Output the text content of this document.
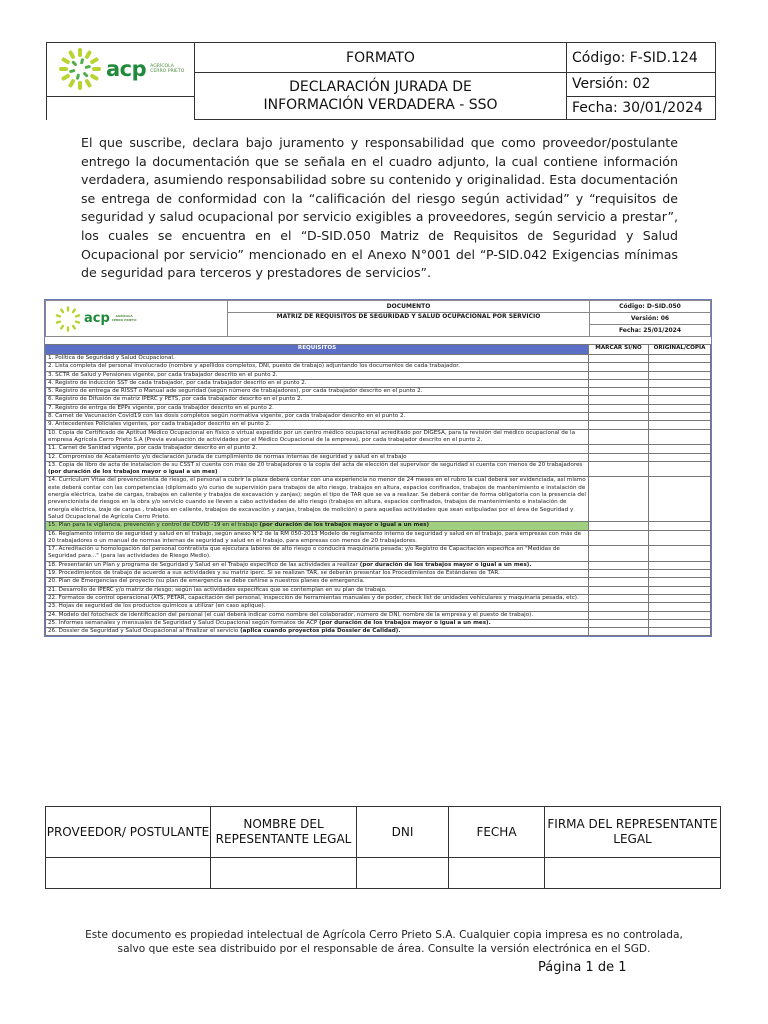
acp AGRÍCOLA
CERRO PRIETO	FORMATO	Código: F-SID.124
	DECLARACIÓN JURADA DE INFORMACIÓN VERDADERA - SSO	Versión: 02
		Fecha: 30/01/2024

El que suscribe, declara bajo juramento y responsabilidad que como proveedor/postulante entrego la documentación que se señala en el cuadro adjunto, la cual contiene información verdadera, asumiendo responsabilidad sobre su contenido y originalidad. Esta documentación se entrega de conformidad con la “calificación del riesgo según actividad” y “requisitos de seguridad y salud ocupacional por servicio exigibles a proveedores, según servicio a prestar”, los cuales se encuentra en el “D-SID.050 Matriz de Requisitos de Seguridad y Salud Ocupacional por servicio” mencionado en el Anexo N°001 del “P-SID.042 Exigencias mínimas de seguridad para terceros y prestadores de servicios”.

acp AGRÍCOLA
CERRO PRIETO	DOCUMENTO	Código: D-SID.050
	MATRIZ DE REQUISITOS DE SEGURIDAD Y SALUD OCUPACIONAL POR SERVICIO	Versión: 06
		Fecha: 25/01/2024
REQUISITOS	MARCAR SI/NO	ORIGINAL/COPIA
1. Política de Seguridad y Salud Ocupacional.		
2. Lista completa del personal involucrado (nombre y apellidos completos, DNI, puesto de trabajo) adjuntando los documentos de cada trabajador.		
3. SCTR de Salud y Pensiones vigente, por cada trabajador descrito en el punto 2.		
4. Registro de inducción SST de cada trabajador, por cada trabajador descrito en el punto 2.		
5. Registro de entrega de RISST o Manual ade seguridad (según número de trabajadores), por cada trabajador descrito en el punto 2.		
6. Registro de Difusión de matriz IPERC y PETS, por cada trabajador descrito en el punto 2.		
7. Registro de entrga de EPPs vigente, por cada trabajdor descrito en el punto 2.		
8. Carnet de Vacunación Covid19 con las dosis completos según normativa vigente, por cada trabajador descrito en el punto 2.		
9. Antecedentes Policiales vigentes, por cada trabajador descrito en el punto 2.		
10. Copia de Certificado de Aptitud Médico Ocupacional en físico o virtual expedido por un centro médico ocupacional acreditado por DIGESA, para la revisión del médico ocupacional de la empresa Agrícola Cerro Prieto S.A (Previa evaluación de actividades por el Médico Ocupacional de la empresa), por cada trabajador descrito en el punto 2.		
11. Carnet de Sanidad vigente, por cada trabajador descrito en el punto 2.		
12. Compromiso de Acatamiento y/o declaración jurada de cumplimiento de normas internas de seguridad y salud en el trabajo		
13. Copia de libro de acta de instalacion de su CSST si cuenta con más de 20 trabajadores o la copia del acta de elección del supervisor de seguridad si cuenta con menos de 20 trabajadores (por duración de los trabajos mayor o igual a un mes)		
14. Currículum Vitae del prevencionista de riesgo, el personal a cubrir la plaza deberá contar con una experiencia no menor de 24 meses en el rubro la cual deberá ser evidenciada, así mismo este deberá contar con las competencias (diplomado y/o curso de supervisión para trabajos de alto riesgo, trabajos en altura, espacios confinados, trabajos de mantenimiento e instalación de energía eléctrica, izahe de cargas, trabajos en caliente y trabajos de excavación y zanjas); según el tipo de TAR que se va a realizar. Se deberá contar de forma obligatoria con la presencia del prevencionista de riesgos en la obra y/o servicio cuando se lleven a cabo actividades de alto riesgo (trabajos en altura, espacios confinados, trabajos de mantenimiento e instalación de energía eléctrica, izaje de cargas , trabajos en caliente, trabajos de excavación y zanjas, trabajos de molición) o para aquellas actividades que sean estipuladas por el área de Seguridad y Salud Ocupacional de Agrícola Cerro Prieto.		
15. Plan para la vigilancia, prevención y control de COVID -19 en el trabajo (por duración de los trabajos mayor o igual a un mes)		
16. Reglamento interno de seguridad y salud en el trabajo, según anexo N°2 de la RM 050-2013 Modelo de reglamento interno de seguridad y salud en el trabajo, para empresas con más de 20 trabajadores o un manual de normas internas de seguridad y salud en el trabajo, para empresas con menos de 20 trabajadores.		
17. Acreditación u homologación del personal contratista que ejecutara labores de alto riesgo o conducirá maquinaria pesada; y/o Registro de Capacitación específica en "Medidas de Seguridad para..." (para las actividades de Riesgo Medio).		
18. Presentarán un Plan y programa de Seguridad y Salud en el Trabajo específico de las actividades a realizar (por duración de los trabajos mayor o igual a un mes).		
19. Procedimientos de trabajo de acuerdo a sus actividades y su matriz iperc. Si se realizan TAR, se deberán presentar los Procedimientos de Estándares de TAR.		
20. Plan de Emergencias del proyecto (su plan de emergencia se debe ceñirse a nuestros planes de emergencia.		
21. Desarrollo de IPERC y/o matriz de riesgo; según las actividades específicas que se contemplan en su plan de trabajo.		
22. Formatos de control operacional (ATS, PETAR, capacitación del personal, inspección de herramientas manuales y de poder, check list de unidades vehiculares y maquinaria pesada, etc).		
23. Hojas de seguridad de los productos químicos a utilizar (en caso aplique).		
24. Modelo del fotocheck de identificación del personal (el cual deberá indicar como nombre del colaborador, número de DNI, nombre de la empresa y el puesto de trabajo).		
25. Informes semanales y mensuales de Seguridad y Salud Ocupacional según formatos de ACP (por duración de los trabajos mayor o igual a un mes).		
26. Dossier de Seguridad y Salud Ocupacional al finalizar el servicio (aplica cuando proyectos pida Dossier de Calidad).		
PROVEEDOR/ POSTULANTE	NOMBRE DEL REPESENTANTE LEGAL	DNI	FECHA	FIRMA DEL REPRESENTANTE LEGAL

Este documento es propiedad intelectual de Agrícola Cerro Prieto S.A. Cualquier copia impresa es no controlada,
salvo que este sea distribuido por el responsable de área. Consulte la versión electrónica en el SGD.
Página 1 de 1
